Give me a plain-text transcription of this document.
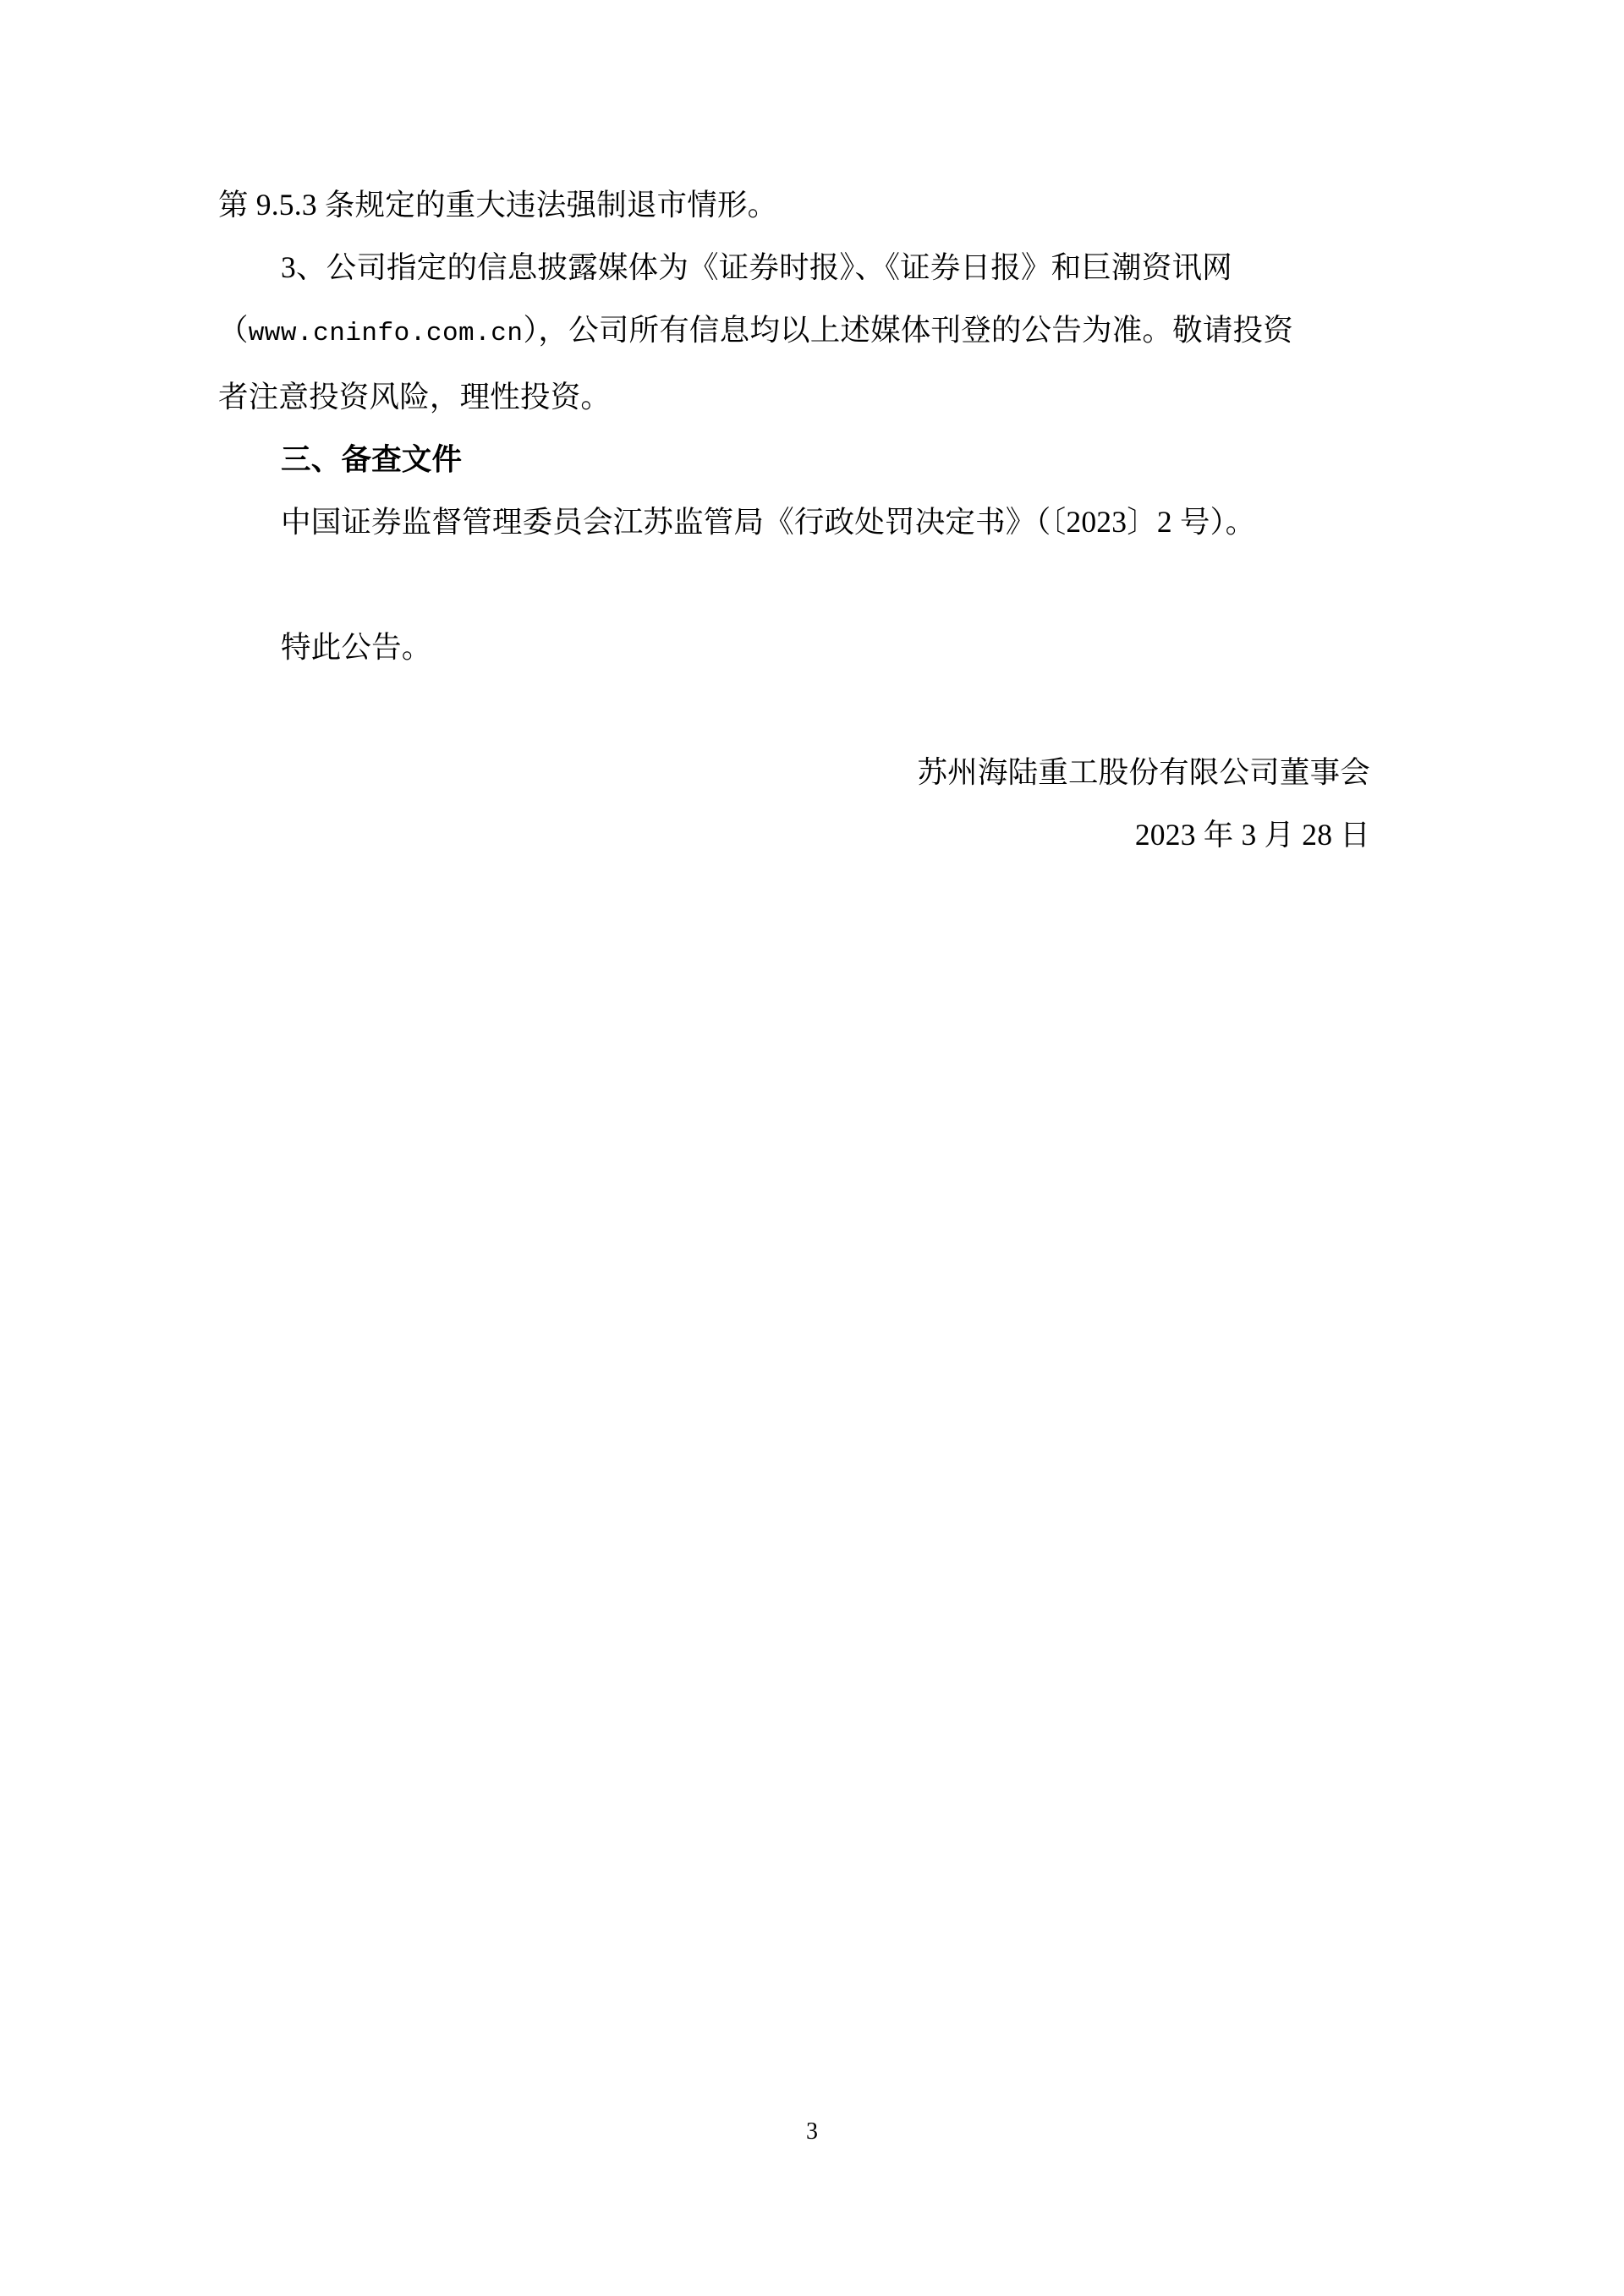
第 9.5.3 条规定的重大违法强制退市情形。

3、公司指定的信息披露媒体为《证券时报》、《证券日报》和巨潮资讯网

（www.cninfo.com.cn），公司所有信息均以上述媒体刊登的公告为准。敬请投资

者注意投资风险，理性投资。

三、备查文件

中国证券监督管理委员会江苏监管局《行政处罚决定书》（〔2023〕2 号）。

特此公告。

苏州海陆重工股份有限公司董事会

2023 年 3 月 28 日

3
